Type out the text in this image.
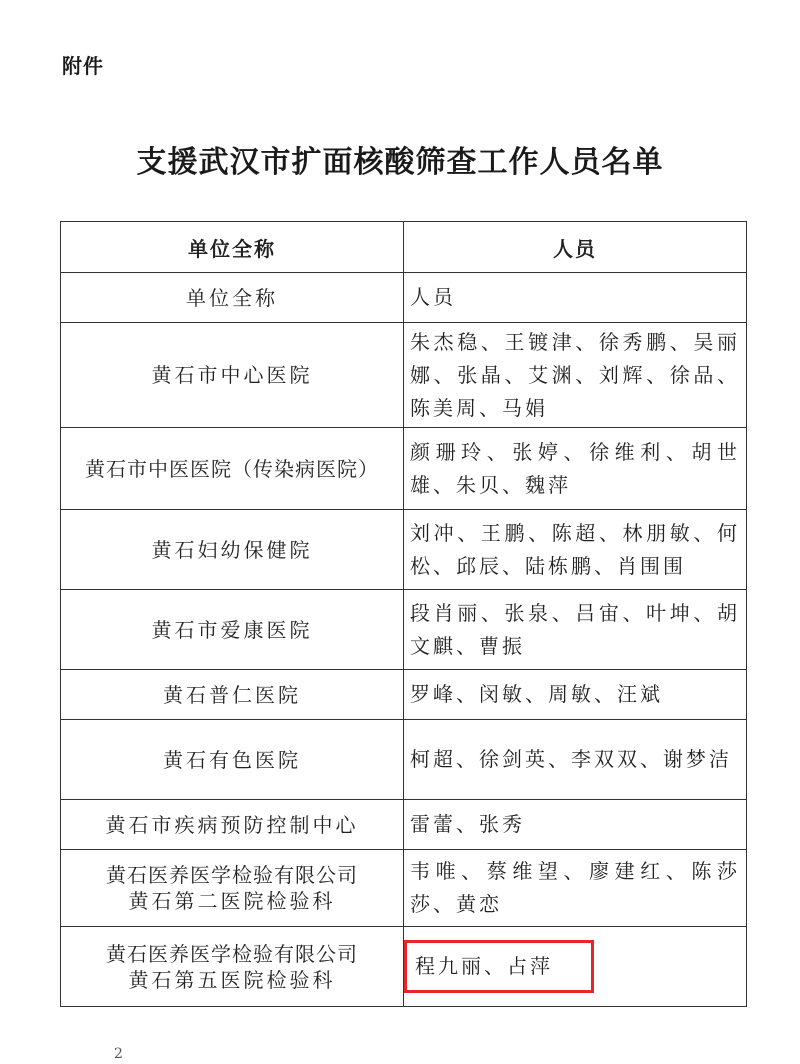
附件
支援武汉市扩面核酸筛查工作人员名单
单位全称	人员
单位全称	人员
黄石市中心医院	朱杰稳、王镀津、徐秀鹏、吴丽娜、张晶、艾渊、刘辉、徐品、陈美周、马娟
黄石市中医医院（传染病医院）	颜珊玲、张婷、徐维利、胡世雄、朱贝、魏萍
黄石妇幼保健院	刘冲、王鹏、陈超、林朋敏、何松、邱辰、陆栋鹏、肖围围
黄石市爱康医院	段肖丽、张泉、吕宙、叶坤、胡文麒、曹振
黄石普仁医院	罗峰、闵敏、周敏、汪斌
黄石有色医院	柯超、徐剑英、李双双、谢梦洁
黄石市疾病预防控制中心	雷蕾、张秀

黄石医养医学检验有限公司
黄石第二医院检验科	韦唯、蔡维望、廖建红、陈莎莎、黄恋

黄石医养医学检验有限公司
黄石第五医院检验科	程九丽、占萍
2
